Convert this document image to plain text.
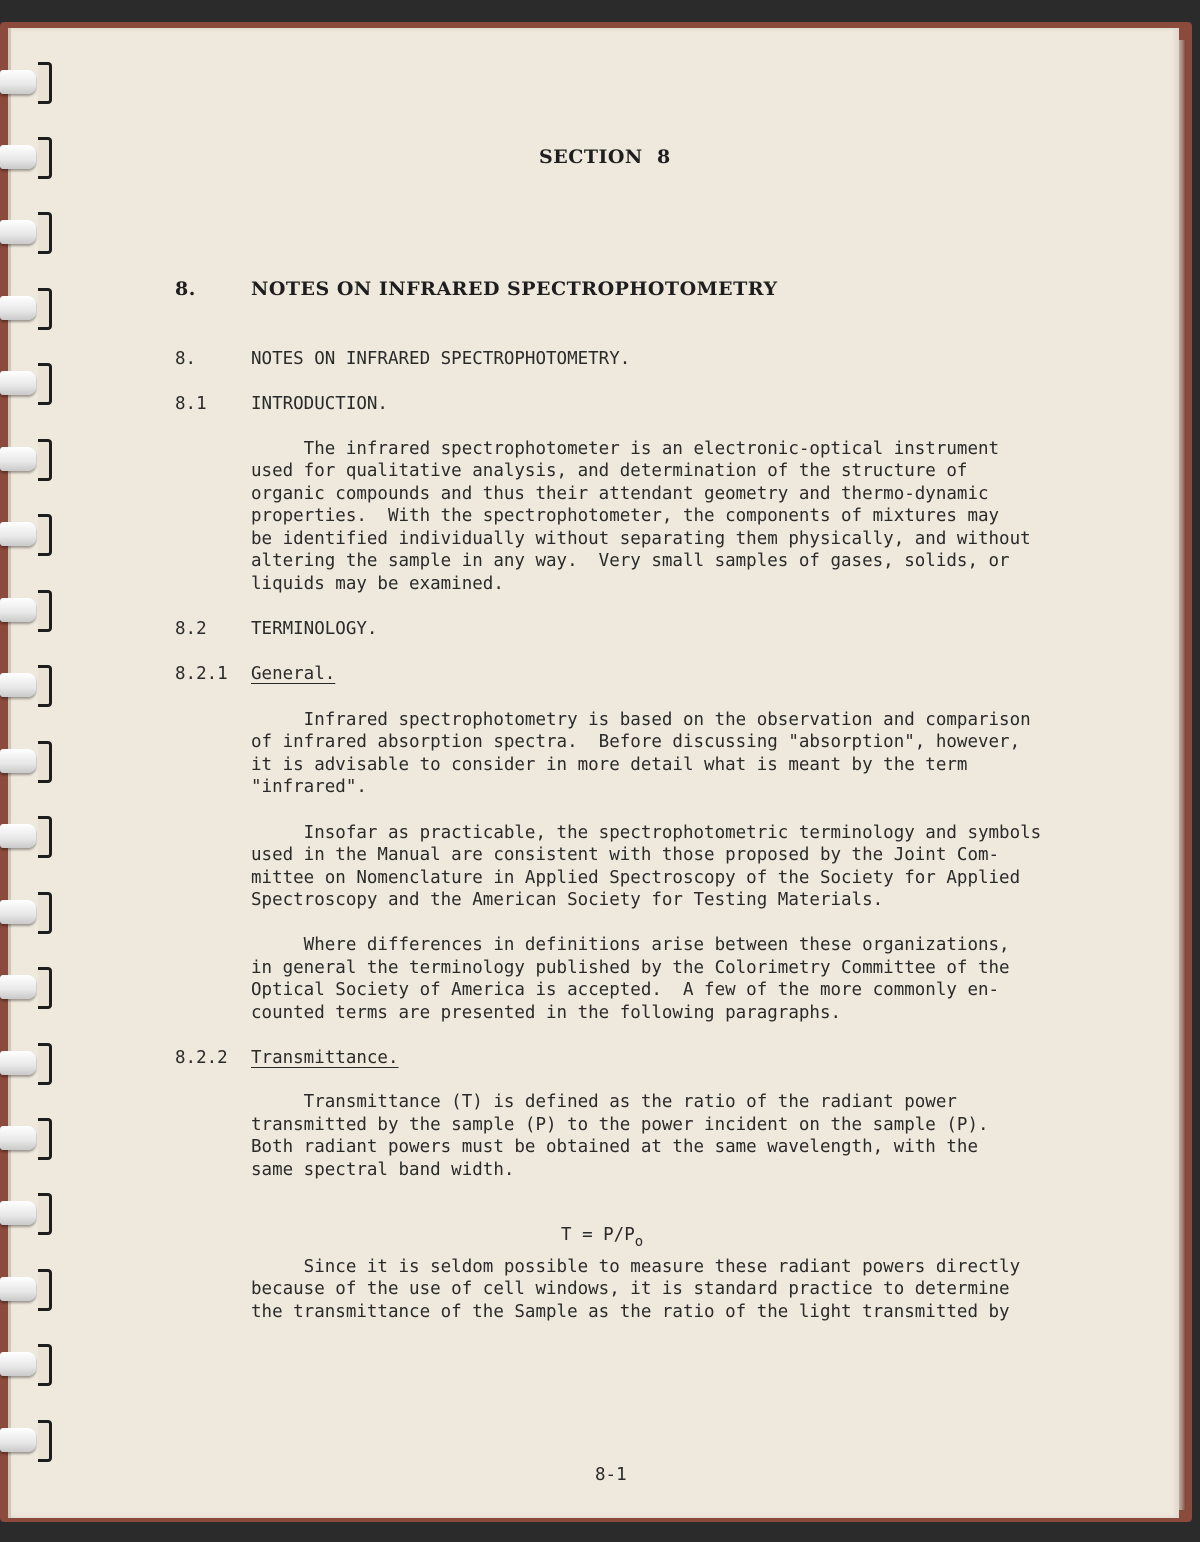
SECTION  8
8.	NOTES ON INFRARED SPECTROPHOTOMETRY
8.	NOTES ON INFRARED SPECTROPHOTOMETRY.
8.1	INTRODUCTION.
The infrared spectrophotometer is an electronic-optical instrument
used for qualitative analysis, and determination of the structure of
organic compounds and thus their attendant geometry and thermo-dynamic
properties.  With the spectrophotometer, the components of mixtures may
be identified individually without separating them physically, and without
altering the sample in any way.  Very small samples of gases, solids, or
liquids may be examined.
8.2	TERMINOLOGY.
8.2.1 General.
Infrared spectrophotometry is based on the observation and comparison
of infrared absorption spectra.  Before discussing "absorption", however,
it is advisable to consider in more detail what is meant by the term
"infrared".
Insofar as practicable, the spectrophotometric terminology and symbols
used in the Manual are consistent with those proposed by the Joint Com-
mittee on Nomenclature in Applied Spectroscopy of the Society for Applied
Spectroscopy and the American Society for Testing Materials.
Where differences in definitions arise between these organizations,
in general the terminology published by the Colorimetry Committee of the
Optical Society of America is accepted.  A few of the more commonly en-
counted terms are presented in the following paragraphs.
8.2.2 Transmittance.
Transmittance (T) is defined as the ratio of the radiant power
transmitted by the sample (P) to the power incident on the sample (P).
Both radiant powers must be obtained at the same wavelength, with the
same spectral band width.
$T = P/P_o$
Since it is seldom possible to measure these radiant powers directly
because of the use of cell windows, it is standard practice to determine
the transmittance of the Sample as the ratio of the light transmitted by
8-1
